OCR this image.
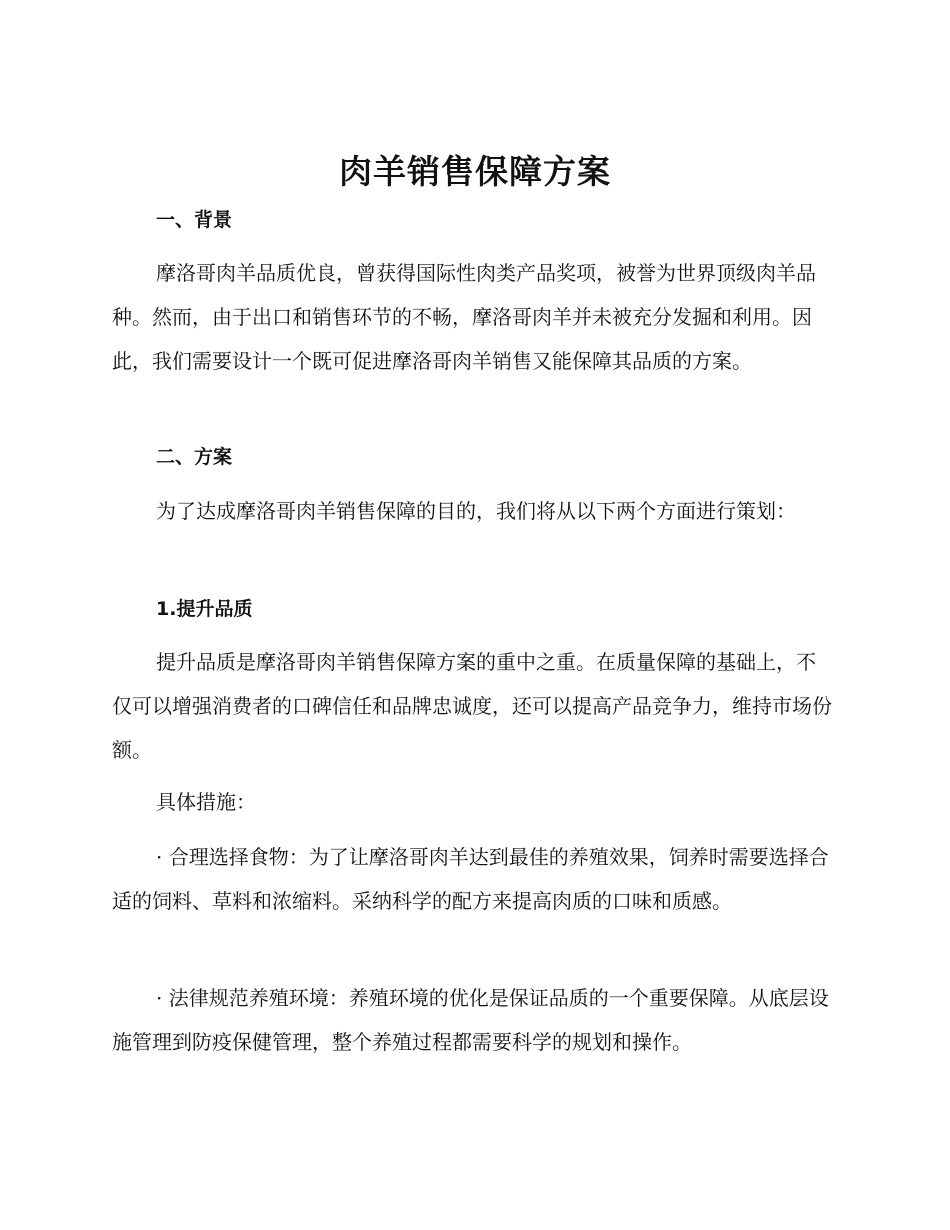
肉羊销售保障方案
一、背景

摩洛哥肉羊品质优良，曾获得国际性肉类产品奖项，被誉为世界顶级肉羊品种。然而，由于出口和销售环节的不畅，摩洛哥肉羊并未被充分发掘和利用。因此，我们需要设计一个既可促进摩洛哥肉羊销售又能保障其品质的方案。

二、方案

为了达成摩洛哥肉羊销售保障的目的，我们将从以下两个方面进行策划：

1.提升品质

提升品质是摩洛哥肉羊销售保障方案的重中之重。在质量保障的基础上，不仅可以增强消费者的口碑信任和品牌忠诚度，还可以提高产品竞争力，维持市场份额。

具体措施：

· 合理选择食物：为了让摩洛哥肉羊达到最佳的养殖效果，饲养时需要选择合适的饲料、草料和浓缩料。采纳科学的配方来提高肉质的口味和质感。

· 法律规范养殖环境：养殖环境的优化是保证品质的一个重要保障。从底层设施管理到防疫保健管理，整个养殖过程都需要科学的规划和操作。
